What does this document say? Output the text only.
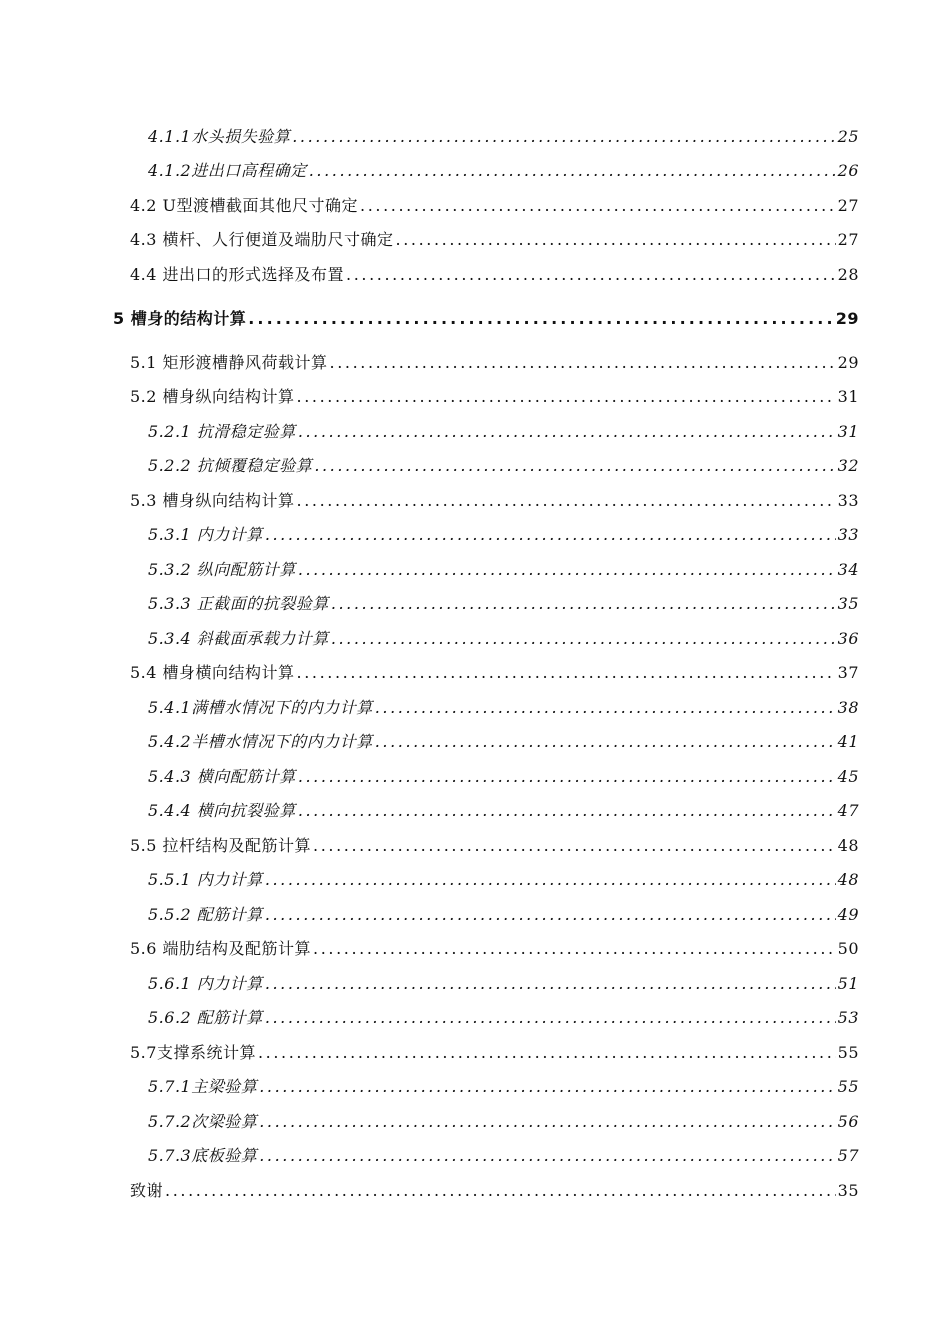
4.1.1水头损失验算 .....	25
4.1.2进出口高程确定 .....	26
4.2 U型渡槽截面其他尺寸确定 .....	27
4.3 横杆、人行便道及端肋尺寸确定 .....	27
4.4 进出口的形式选择及布置 .....	28
5 槽身的结构计算 .....	29
5.1 矩形渡槽静风荷载计算 .....	29
5.2 槽身纵向结构计算 .....	31
5.2.1 抗滑稳定验算 .....	31
5.2.2 抗倾覆稳定验算 .....	32
5.3 槽身纵向结构计算 .....	33
5.3.1 内力计算 .....	33
5.3.2 纵向配筋计算 .....	34
5.3.3 正截面的抗裂验算 .....	35
5.3.4 斜截面承载力计算 .....	36
5.4 槽身横向结构计算 .....	37
5.4.1满槽水情况下的内力计算 .....	38
5.4.2半槽水情况下的内力计算 .....	41
5.4.3 横向配筋计算 .....	45
5.4.4 横向抗裂验算 .....	47
5.5 拉杆结构及配筋计算 .....	48
5.5.1 内力计算 .....	48
5.5.2 配筋计算 .....	49
5.6 端肋结构及配筋计算 .....	50
5.6.1 内力计算 .....	51
5.6.2 配筋计算 .....	53
5.7支撑系统计算 .....	55
5.7.1主梁验算 .....	55
5.7.2次梁验算 .....	56
5.7.3底板验算 .....	57
致谢 .....	35
